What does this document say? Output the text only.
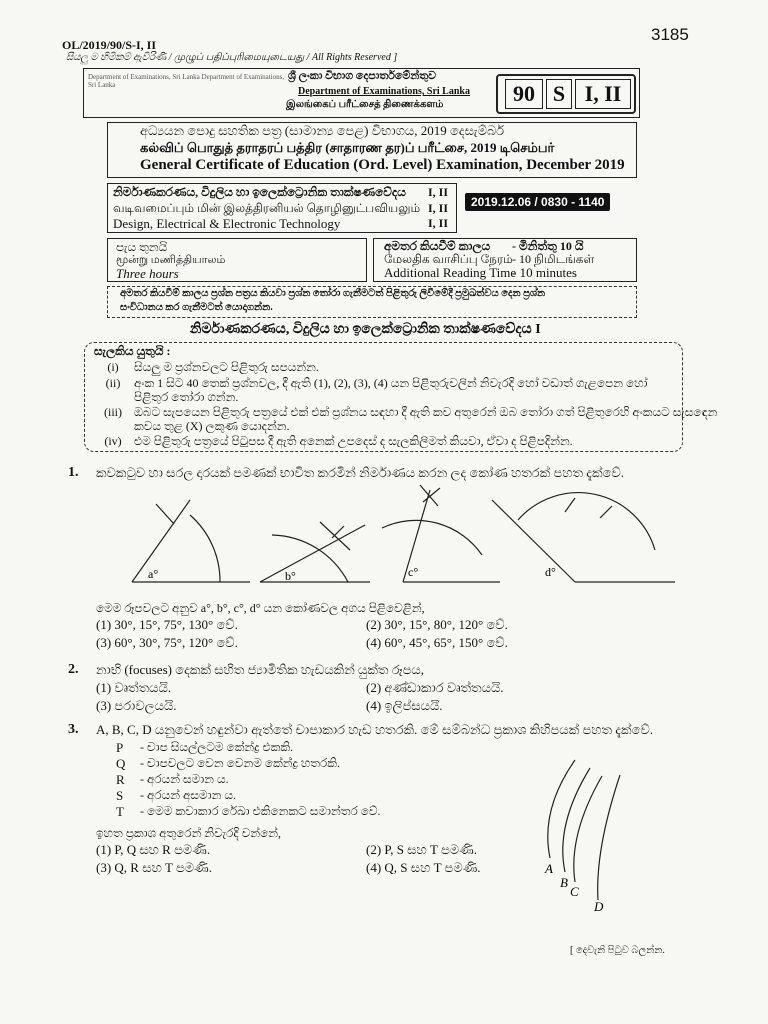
OL/2019/90/S-I, II
3185
සියලු ම හිමිකම් ඇවිරිණි / முழுப் பதிப்புரிமையுடையது / All Rights Reserved ]
Department of Examinations, Sri Lanka Department of Examinations, Sri Lanka
ශ්‍රී ලංකා විභාග දෙපාර්තමේන්තුව
Department of Examinations, Sri Lanka
இலங்கைப் பரீட்சைத் திணைக்களம்	90 S I, II
අධ්‍යයන පොදු සහතික පත්‍ර (සාමාන්‍ය පෙළ) විභාගය, 2019 දෙසැම්බර්
கல்விப் பொதுத் தராதரப் பத்திர (சாதாரண தர)ப் பரீட்சை, 2019 டிசெம்பர்
General Certificate of Education (Ord. Level) Examination, December 2019
නිර්මාණකරණය, විදුලිය හා ඉලෙක්ට්‍රොනික තාක්ෂණවේදය
வடிவமைப்பும் மின் இலத்திரனியல் தொழினுட்பவியலும்
Design, Electrical & Electronic Technology
I, II
I, II
I, II
2019.12.06 / 0830 - 1140
පැය තුනයි
மூன்று மணித்தியாலம்
Three hours
අමතර කියවීම් කාලය - මිනිත්තු 10 යි
மேலதிக வாசிப்பு நேரம் - 10 நிமிடங்கள்
Additional Reading Time
- 10 minutes
අමතර කියවීම් කාලය ප්‍රශ්න පත්‍රය කියවා ප්‍රශ්න තෝරා ගැනීමටත් පිළිතුරු ලිවීමේදී ප්‍රමුඛත්වය දෙන ප්‍රශ්න
සංවිධානය කර ගැනීමටත් යොදාගන්න.
නිර්මාණකරණය, විදුලිය හා ඉලෙක්ට්‍රොනික තාක්ෂණවේදය I
සැලකිය යුතුයි :
(i)	සියලු ම ප්‍රශ්නවලට පිළිතුරු සපයන්න.
(ii)	අංක 1 සිට 40 තෙක් ප්‍රශ්නවල, දී ඇති (1), (2), (3), (4) යන පිළිතුරුවලින් නිවැරදි හෝ වඩාත් ගැළපෙන හෝ
පිළිතුර තෝරා ගන්න.
(iii)	ඔබට සැපයෙන පිළිතුරු පත්‍රයේ එක් එක් ප්‍රශ්නය සඳහා දී ඇති කව අතුරෙන් ඔබ තෝරා ගත් පිළිතුරෙහි අංකයට සැසඳෙන
කවය තුළ (X) ලකුණ යොදන්න.
(iv)	එම පිළිතුරු පත්‍රයේ පිටුපස දී ඇති අනෙක් උපදෙස් ද සැලකිලිමත් කියවා, ඒවා ද පිළිපදින්න.
1. කවකටුව හා සරල දාරයක් පමණක් භාවිත කරමින් නිර්මාණය කරන ලද කෝණ හතරක් පහත දැක්වේ.
a°	b°	c°	d°
මෙම රූපවලට අනුව a°, b°, c°, d° යන කෝණවල අගය පිළිවෙළින්,
(1) 30°, 15°, 75°, 130° වේ.	(2) 30°, 15°, 80°, 120° වේ.
(3) 60°, 30°, 75°, 120° වේ.	(4) 60°, 45°, 65°, 150° වේ.
2. නාභි (focuses) දෙකක් සහිත ජ්‍යාමිතික හැඩයකින් යුක්ත රූපය,
(1) වෘත්තයයි.	(2) අණ්ඩාකාර වෘත්තයයි.
(3) පරාවලයයි.	(4) ඉලිප්සයයි.
3. A, B, C, D යනුවෙන් හඳුන්වා ඇත්තේ චාපාකාර හැඩ හතරකි. මේ සම්බන්ධ ප්‍රකාශ කිහිපයක් පහත දැක්වේ.
P - චාප සියල්ලටම කේන්ද්‍ර එකකි.
Q - චාපවලට වෙන වෙනම කේන්ද්‍ර හතරකි.
R - අරයන් සමාන ය.
S - අරයන් අසමාන ය.
T - මෙම කවාකාර රේඛා එකිනෙකට සමාන්තර වේ.
ඉහත ප්‍රකාශ අතුරෙන් නිවැරදි වන්නේ,
(1) P, Q සහ R පමණි.	(2) P, S සහ T පමණි.
(3) Q, R සහ T පමණි.	(4) Q, S සහ T පමණි.	A
B
C
D
[ දෙවැනි පිටුව බලන්න.
